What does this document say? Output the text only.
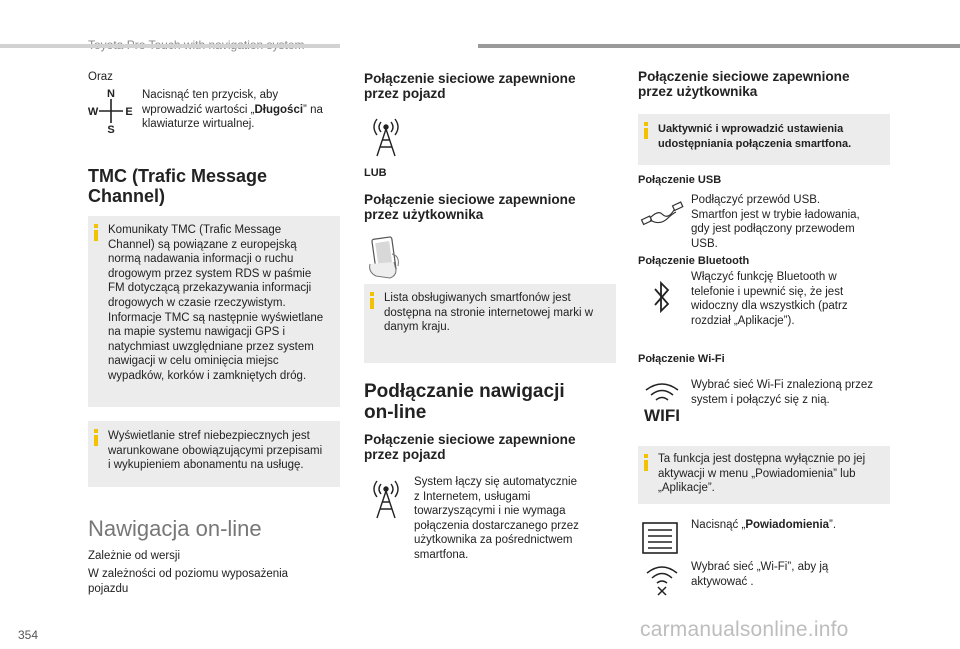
Oraz
N
W E
S
Nacisnąć ten przycisk, aby
wprowadzić wartości „Długości” na
klawiaturze wirtualnej.
TMC (Trafic Message
Channel)
Komunikaty TMC (Trafic Message
Channel) są powiązane z europejską
normą nadawania informacji o ruchu
drogowym przez system RDS w paśmie
FM dotyczącą przekazywania informacji
drogowych w czasie rzeczywistym.
Informacje TMC są następnie wyświetlane
na mapie systemu nawigacji GPS i
natychmiast uwzględniane przez system
nawigacji w celu ominięcia miejsc
wypadków, korków i zamkniętych dróg.
Wyświetlanie stref niebezpiecznych jest
warunkowane obowiązującymi przepisami
i wykupieniem abonamentu na usługę.
Nawigacja on-line
Zależnie od wersji
W zależności od poziomu wyposażenia
pojazdu
Połączenie sieciowe zapewnione
przez pojazd
LUB
Połączenie sieciowe zapewnione
przez użytkownika
Lista obsługiwanych smartfonów jest
dostępna na stronie internetowej marki w
danym kraju.
Podłączanie nawigacji
on-line
Połączenie sieciowe zapewnione
przez pojazd
System łączy się automatycznie
z Internetem, usługami
towarzyszącymi i nie wymaga
połączenia dostarczanego przez
użytkownika za pośrednictwem
smartfona.
Połączenie sieciowe zapewnione
przez użytkownika
Uaktywnić i wprowadzić ustawienia
udostępniania połączenia smartfona.
Połączenie USB
Podłączyć przewód USB.
Smartfon jest w trybie ładowania,
gdy jest podłączony przewodem
USB.
Połączenie Bluetooth
Włączyć funkcję Bluetooth w
telefonie i upewnić się, że jest
widoczny dla wszystkich (patrz
rozdział „Aplikacje”).
Połączenie Wi-Fi
WIFI
Wybrać sieć Wi-Fi znalezioną przez
system i połączyć się z nią.
Ta funkcja jest dostępna wyłącznie po jej
aktywacji w menu „Powiadomienia” lub
„Aplikacje”.
Nacisnąć „Powiadomienia”.
Wybrać sieć „Wi-Fi”, aby ją
aktywować .
354	carmanualsonline.info
